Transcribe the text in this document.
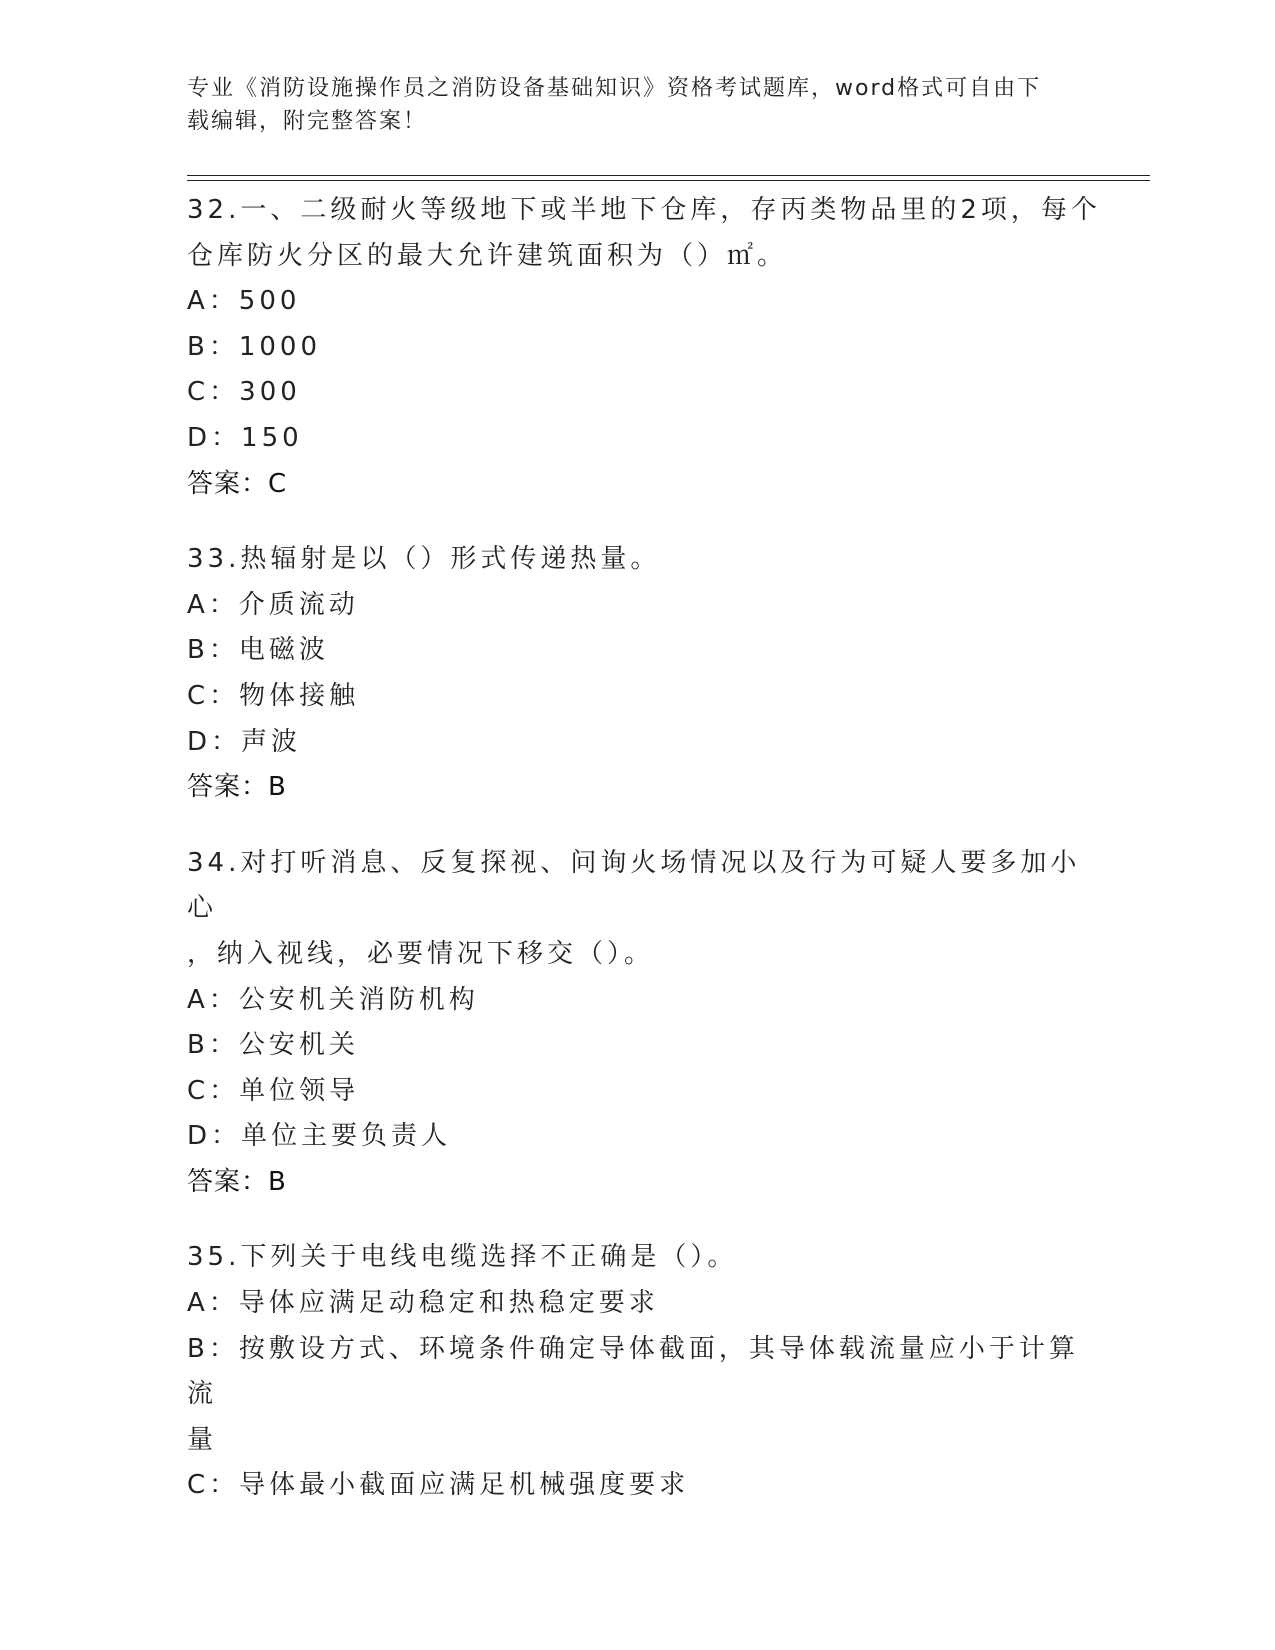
专业《消防设施操作员之消防设备基础知识》资格考试题库，word格式可自由下
载编辑，附完整答案！
32.一、二级耐火等级地下或半地下仓库，存丙类物品里的2项，每个
仓库防火分区的最大允许建筑面积为（）㎡。
A：500
B：1000
C：300
D：150
答案：C
33.热辐射是以（）形式传递热量。
A：介质流动
B：电磁波
C：物体接触
D：声波
答案：B
34.对打听消息、反复探视、问询火场情况以及行为可疑人要多加小心
，纳入视线，必要情况下移交（）。
A：公安机关消防机构
B：公安机关
C：单位领导
D：单位主要负责人
答案：B
35.下列关于电线电缆选择不正确是（）。
A：导体应满足动稳定和热稳定要求
B：按敷设方式、环境条件确定导体截面，其导体载流量应小于计算流
量
C：导体最小截面应满足机械强度要求
